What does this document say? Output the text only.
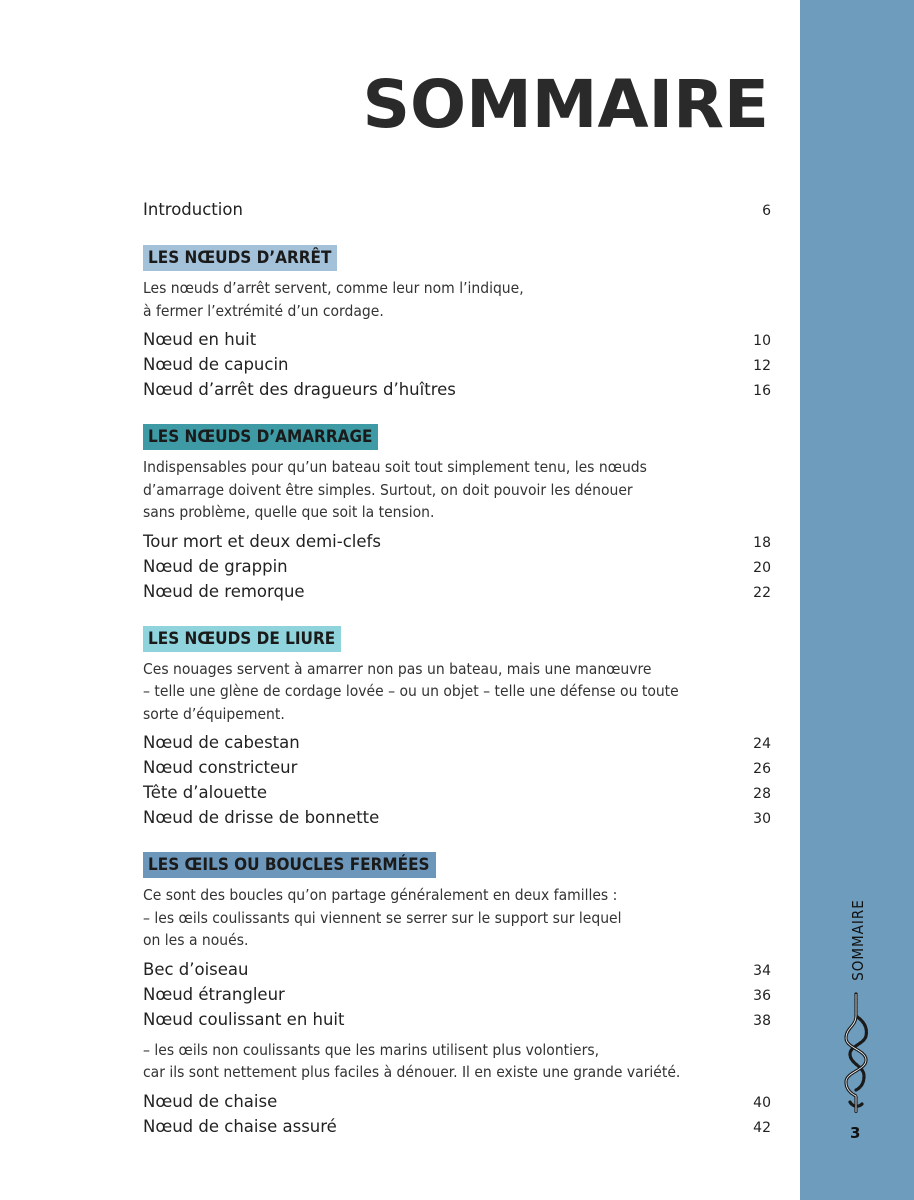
SOMMAIRE
3
SOMMAIRE
Introduction	6
LES NŒUDS D’ARRÊT
Les nœuds d’arrêt servent, comme leur nom l’indique,
à fermer l’extrémité d’un cordage.
Nœud en huit	10
Nœud de capucin	12
Nœud d’arrêt des dragueurs d’huîtres	16
LES NŒUDS D’AMARRAGE
Indispensables pour qu’un bateau soit tout simplement tenu, les nœuds
d’amarrage doivent être simples. Surtout, on doit pouvoir les dénouer
sans problème, quelle que soit la tension.
Tour mort et deux demi-clefs	18
Nœud de grappin	20
Nœud de remorque	22
LES NŒUDS DE LIURE
Ces nouages servent à amarrer non pas un bateau, mais une manœuvre
– telle une glène de cordage lovée – ou un objet – telle une défense ou toute
sorte d’équipement.
Nœud de cabestan	24
Nœud constricteur	26
Tête d’alouette	28
Nœud de drisse de bonnette	30
LES ŒILS OU BOUCLES FERMÉES
Ce sont des boucles qu’on partage généralement en deux familles :
– les œils coulissants qui viennent se serrer sur le support sur lequel
on les a noués.
Bec d’oiseau	34
Nœud étrangleur	36
Nœud coulissant en huit	38
– les œils non coulissants que les marins utilisent plus volontiers,
car ils sont nettement plus faciles à dénouer. Il en existe une grande variété.
Nœud de chaise	40
Nœud de chaise assuré	42
